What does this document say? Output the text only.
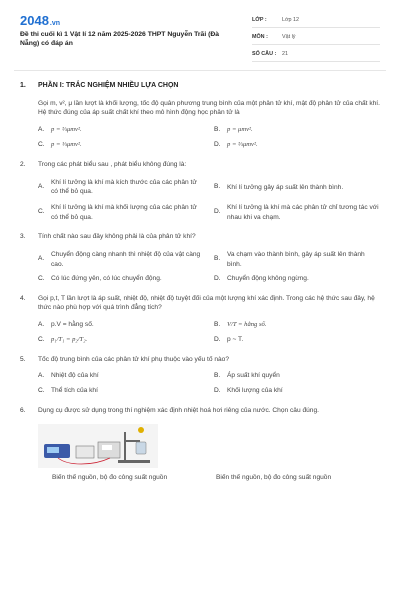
2048.vn
Đề thi cuối kì 1 Vật lí 12 năm 2025-2026 THPT Nguyễn Trãi (Đà Nẵng) có đáp án
LỚP :	Lớp 12
MÔN :	Vật lý
SỐ CÂU :	21
1. PHẦN I: TRẮC NGHIỆM NHIỀU LỰA CHỌN
Gọi m, v², μ lần lượt là khối lượng, tốc độ quân phương trung bình của một phân tử khí, mật độ phân tử của chất khí. Hệ thức đúng của áp suất chất khí theo mô hình động học phân tử là
A.	p = ⅔μmv².	B.	p = μmv².
C. p = ⅓μmv².	D. p = ⅔μmv².
2.	Trong các phát biểu sau , phát biểu không đúng là:
A.
Khí lí tưởng là khí mà kích thước của các phân tử có thể bỏ qua.
B.	Khí lí tưởng gây áp suất lên thành bình.
C.
Khí lí tưởng là khí mà khối lượng của các phân tử có thể bỏ qua.
D.
Khí lí tưởng là khí mà các phân tử chỉ tương tác với nhau khi va chạm.
3.	Tính chất nào sau đây không phải là của phân tử khí?
A.
Chuyển động càng nhanh thì nhiệt độ của vật càng cao.
B.
Va chạm vào thành bình, gây áp suất lên thành bình.
C. Có lúc đứng yên, có lúc chuyển động.	D. Chuyển động không ngừng.
4.	Gọi p,t, T lần lượt là áp suất, nhiệt độ, nhiệt độ tuyệt đối của một lượng khí xác định. Trong các hệ thức sau đây, hệ thức nào phù hợp với quá trình đẳng tích?
A.	p.V = hằng số.	B.	V/T = hằng số.
C. p₁/T₁ = p₂/T₂.	D. p ~ T.
5.	Tốc độ trung bình của các phân tử khí phụ thuộc vào yếu tố nào?
A.	Nhiệt độ của khí	B.	Áp suất khí quyển
C. Thể tích của khí	D. Khối lượng của khí
6.	Dụng cụ được sử dụng trong thí nghiệm xác định nhiệt hoá hơi riêng của nước. Chọn câu đúng.
Biến thế nguồn, bộ đo công suất nguồn	Biến thế nguồn, bộ đo công suất nguồn
